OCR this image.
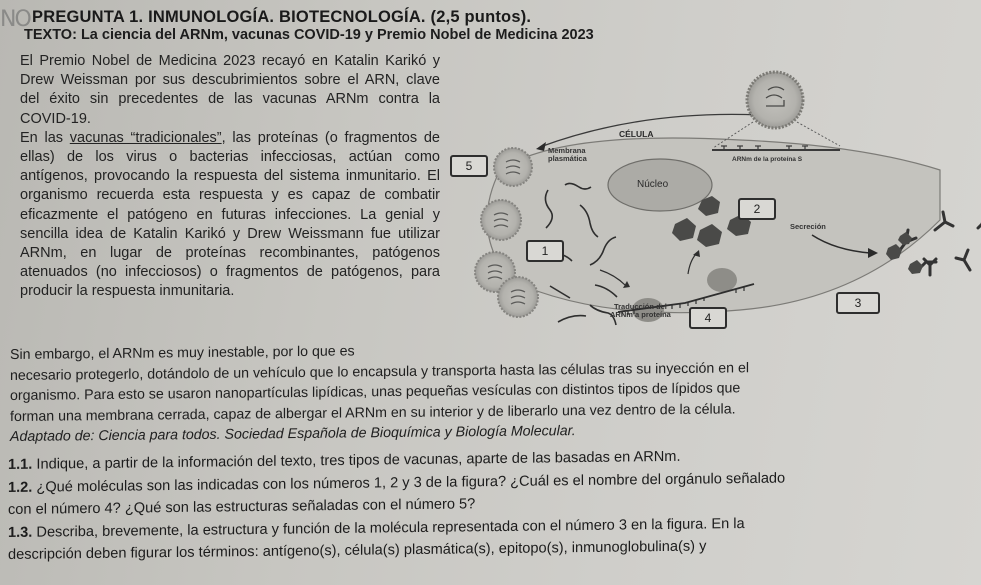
NO PREGUNTA 1. INMUNOLOGÍA. BIOTECNOLOGÍA. (2,5 puntos).
TEXTO: La ciencia del ARNm, vacunas COVID-19 y Premio Nobel de Medicina 2023

El Premio Nobel de Medicina 2023 recayó en Katalin Karikó y Drew Weissman por sus descubrimientos sobre el ARN, clave del éxito sin precedentes de las vacunas ARNm contra la COVID-19.

En las vacunas “tradicionales”, las proteínas (o fragmentos de ellas) de los virus o bacterias infecciosas, actúan como antígenos, provocando la respuesta del sistema inmunitario. El organismo recuerda esta respuesta y es capaz de combatir eficazmente el patógeno en futuras infecciones. La genial y sencilla idea de Katalin Karikó y Drew Weissmann fue utilizar ARNm, en lugar de proteínas recombinantes, patógenos atenuados (no infecciosos) o fragmentos de patógenos, para producir la respuesta inmunitaria.

Sin embargo, el ARNm es muy inestable, por lo que es

necesario protegerlo, dotándolo de un vehículo que lo encapsula y transporta hasta las células tras su inyección en el

organismo. Para esto se usaron nanopartículas lipídicas, unas pequeñas vesículas con distintos tipos de lípidos que

forman una membrana cerrada, capaz de albergar el ARNm en su interior y de liberarlo una vez dentro de la célula.

Adaptado de: Ciencia para todos. Sociedad Española de Bioquímica y Biología Molecular.

1.1. Indique, a partir de la información del texto, tres tipos de vacunas, aparte de las basadas en ARNm.

1.2. ¿Qué moléculas son las indicadas con los números 1, 2 y 3 de la figura? ¿Cuál es el nombre del orgánulo señalado

con el número 4? ¿Qué son las estructuras señaladas con el número 5?

1.3. Describa, brevemente, la estructura y función de la molécula representada con el número 3 en la figura. En la

descripción deben figurar los términos: antígeno(s), célula(s) plasmática(s), epitopo(s), inmunoglobulina(s) y

CÉLULA
Membrana
plasmática
Núcleo
ARNm de la proteína S
Traducción del
ARNm a proteína
Secreción
5
1
2
3
4
